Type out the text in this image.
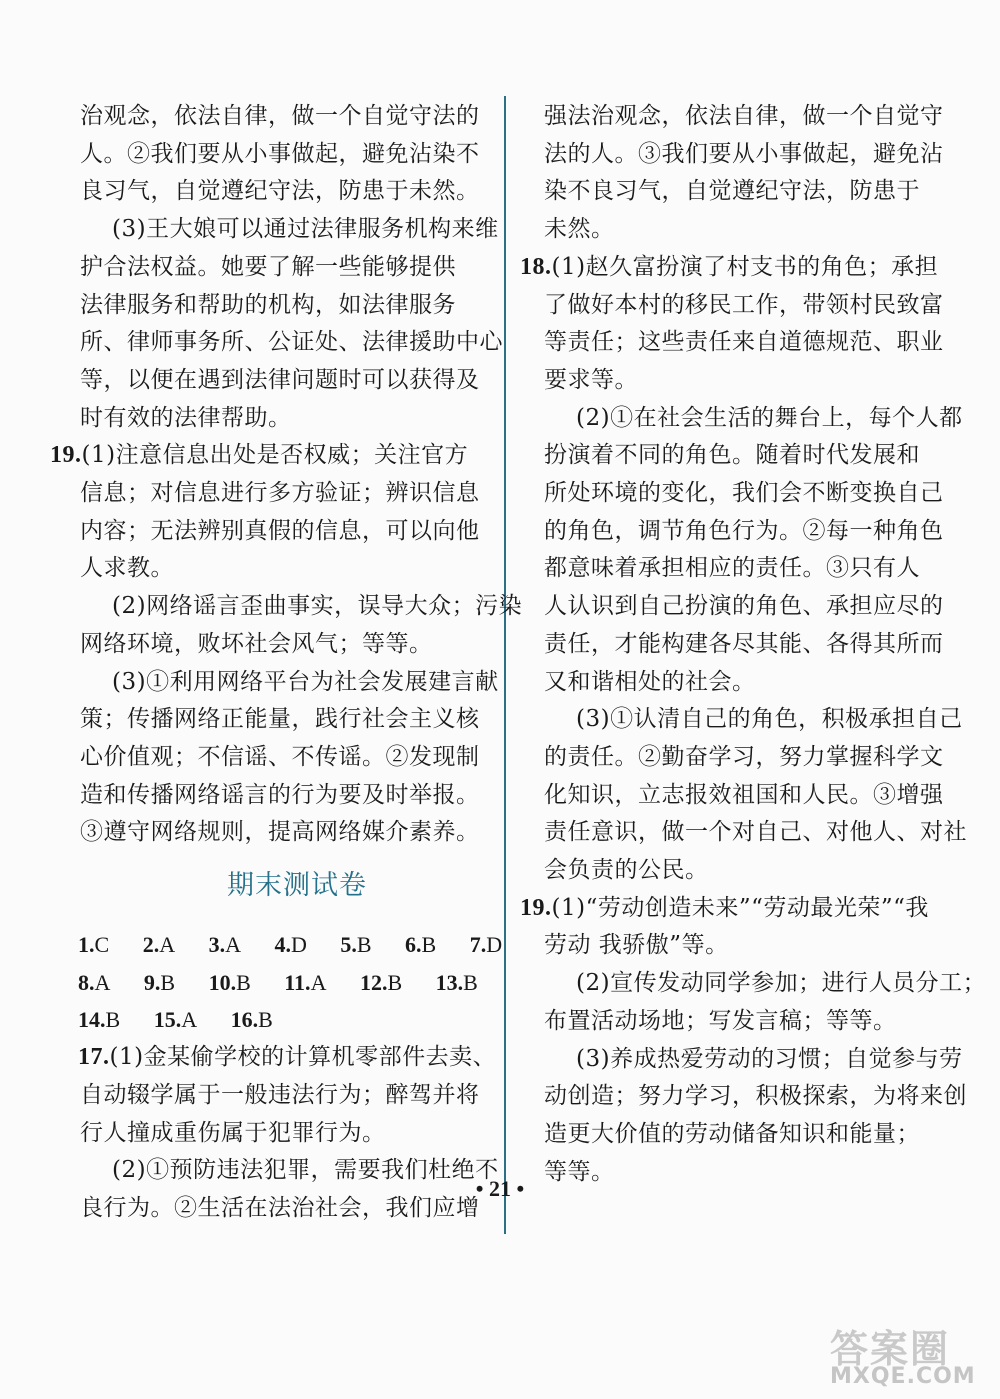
治观念，依法自律，做一个自觉守法的
人。②我们要从小事做起，避免沾染不
良习气，自觉遵纪守法，防患于未然。
(3)王大娘可以通过法律服务机构来维
护合法权益。她要了解一些能够提供
法律服务和帮助的机构，如法律服务
所、律师事务所、公证处、法律援助中心
等，以便在遇到法律问题时可以获得及
时有效的法律帮助。
19.(1)注意信息出处是否权威；关注官方
信息；对信息进行多方验证；辨识信息
内容；无法辨别真假的信息，可以向他
人求教。
(2)网络谣言歪曲事实，误导大众；污染
网络环境，败坏社会风气；等等。
(3)①利用网络平台为社会发展建言献
策；传播网络正能量，践行社会主义核
心价值观；不信谣、不传谣。②发现制
造和传播网络谣言的行为要及时举报。
③遵守网络规则，提高网络媒介素养。
期末测试卷
1.C 2.A 3.A 4.D 5.B 6.B 7.D
8.A 9.B 10.B 11.A 12.B 13.B
14.B 15.A 16.B
17.(1)金某偷学校的计算机零部件去卖、
自动辍学属于一般违法行为；醉驾并将
行人撞成重伤属于犯罪行为。
(2)①预防违法犯罪，需要我们杜绝不
良行为。②生活在法治社会，我们应增
强法治观念，依法自律，做一个自觉守
法的人。③我们要从小事做起，避免沾
染不良习气，自觉遵纪守法，防患于
未然。
18.(1)赵久富扮演了村支书的角色；承担
了做好本村的移民工作，带领村民致富
等责任；这些责任来自道德规范、职业
要求等。
(2)①在社会生活的舞台上，每个人都
扮演着不同的角色。随着时代发展和
所处环境的变化，我们会不断变换自己
的角色，调节角色行为。②每一种角色
都意味着承担相应的责任。③只有人
人认识到自己扮演的角色、承担应尽的
责任，才能构建各尽其能、各得其所而
又和谐相处的社会。
(3)①认清自己的角色，积极承担自己
的责任。②勤奋学习，努力掌握科学文
化知识，立志报效祖国和人民。③增强
责任意识，做一个对自己、对他人、对社
会负责的公民。
19.(1)“劳动创造未来”“劳动最光荣”“我
劳动 我骄傲”等。
(2)宣传发动同学参加；进行人员分工；
布置活动场地；写发言稿；等等。
(3)养成热爱劳动的习惯；自觉参与劳
动创造；努力学习，积极探索，为将来创
造更大价值的劳动储备知识和能量；
等等。
• 21 •
答案圈
MXQE.COM
